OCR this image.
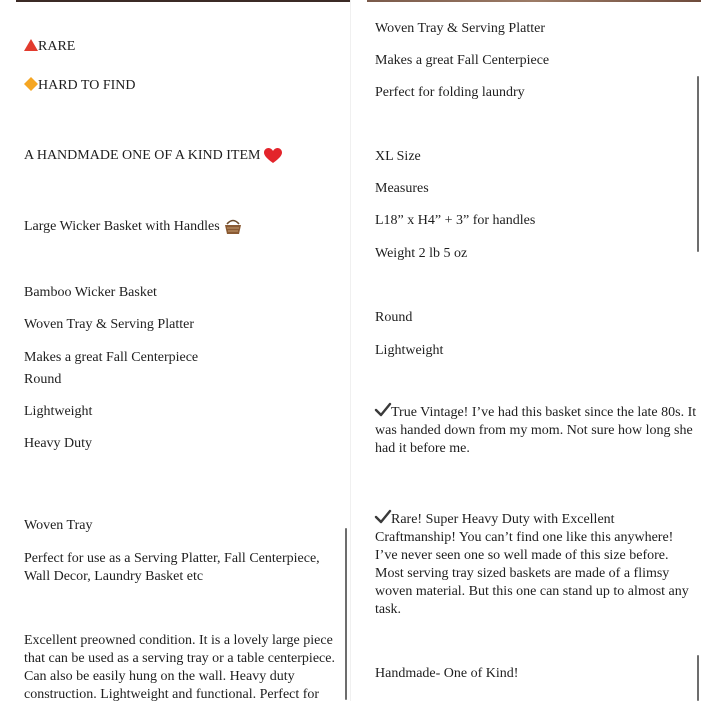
RARE
HARD TO FIND
A HANDMADE ONE OF A KIND ITEM
Large Wicker Basket with Handles
Bamboo Wicker Basket
Woven Tray & Serving Platter
Makes a great Fall Centerpiece
Round
Lightweight
Heavy Duty
Woven Tray
Perfect for use as a Serving Platter, Fall Centerpiece, Wall Decor, Laundry Basket etc
Excellent preowned condition. It is a lovely large piece that can be used as a serving tray or a table centerpiece. Can also be easily hung on the wall. Heavy duty construction. Lightweight and functional. Perfect for
Woven Tray & Serving Platter
Makes a great Fall Centerpiece
Perfect for folding laundry
XL Size
Measures
L18” x H4” + 3” for handles
Weight 2 lb 5 oz
Round
Lightweight
True Vintage! I’ve had this basket since the late 80s. It was handed down from my mom. Not sure how long she had it before me.
Rare! Super Heavy Duty with Excellent Craftmanship! You can’t find one like this anywhere! I’ve never seen one so well made of this size before. Most serving tray sized baskets are made of a flimsy woven material. But this one can stand up to almost any task.
Handmade- One of Kind!
